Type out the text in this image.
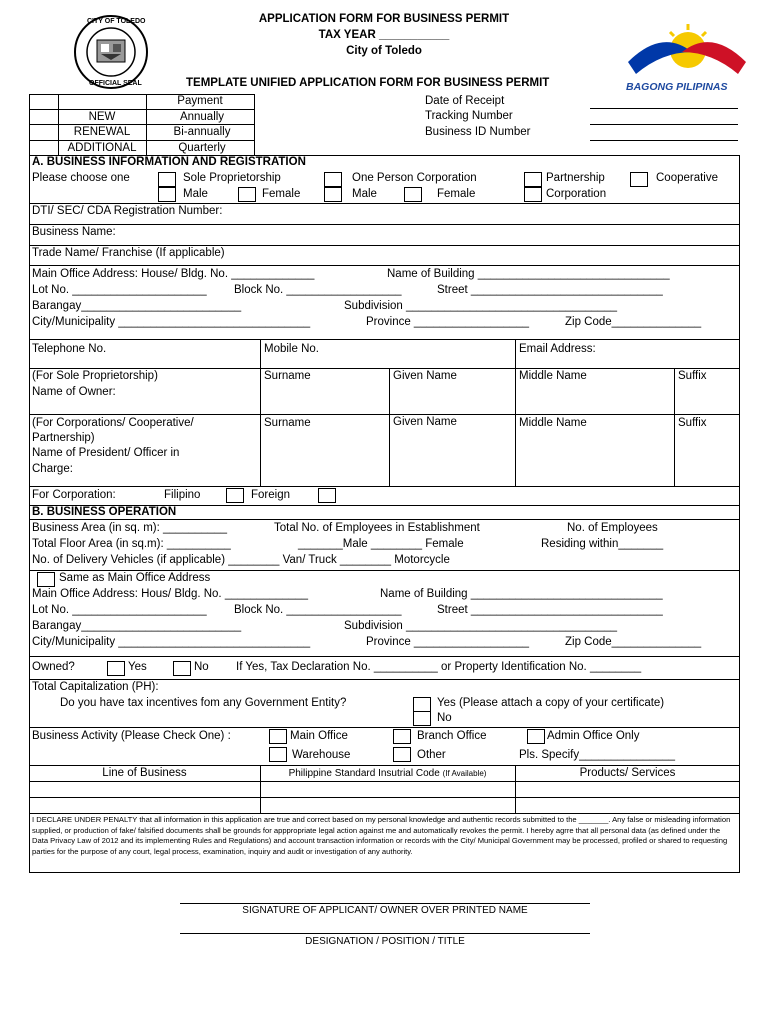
CITY OF TOLEDO
OFFICIAL SEAL
APPLICATION FORM FOR BUSINESS PERMIT
TAX YEAR ___________
City of Toledo
TEMPLATE UNIFIED APPLICATION FORM FOR BUSINESS PERMIT	BAGONG PILIPINAS
Payment
NEW	Annually
RENEWAL	Bi-annually
ADDITIONAL	Quarterly
Date of Receipt
Tracking Number
Business ID Number
A. BUSINESS INFORMATION AND REGISTRATION
Please choose one	Sole Proprietorship	One Person Corporation	Partnership	Cooperative
Male	Female	Male	Female	Corporation
DTI/ SEC/ CDA Registration Number:
Business Name:
Trade Name/ Franchise (If applicable)
Main Office Address: House/ Bldg. No. _____________	Name of Building ______________________________
Lot No. _____________________ Block No. __________________	Street ______________________________
Barangay_________________________	Subdivision _________________________________
City/Municipality ______________________________	Province __________________	Zip Code______________
Telephone No.	Mobile No.	Email Address:
(For Sole Proprietorship)
Name of Owner:
Surname	Given Name	Middle Name	Suffix
(For Corporations/ Cooperative/
Partnership)
Name of President/ Officer in
Charge:
Surname	Given Name	Middle Name	Suffix
For Corporation:	Filipino	Foreign
B. BUSINESS OPERATION
Business Area (in sq. m): __________	Total No. of Employees in Establishment	No. of Employees
Total Floor Area (in sq.m): __________	_______Male ________ Female	Residing within_______
No. of Delivery Vehicles (if applicable) ________ Van/ Truck ________ Motorcycle
Same as Main Office Address
Main Office Address: Hous/ Bldg. No. _____________	Name of Building ______________________________
Lot No. _____________________ Block No. __________________	Street ______________________________
Barangay_________________________	Subdivision _________________________________
City/Municipality ______________________________	Province __________________	Zip Code______________
Owned?	Yes	No If Yes, Tax Declaration No. __________ or Property Identification No. ________
Total Capitalization (PH):
Do you have tax incentives fom any Government Entity?	Yes (Please attach a copy of your certificate)
No
Business Activity (Please Check One) :	Main Office	Branch Office	Admin Office Only
Warehouse	Other	Pls. Specify_______________
Line of Business	Philippine Standard Insutrial Code (If Available)	Products/ Services
I DECLARE UNDER PENALTY that all information in this application are true and correct based on my personal knowledge and authentic records submitted to the _______. Any false or misleading information supplied, or production of fake/ falsified documents shall be grounds for apppropriate legal action against me and automatically revokes the permit. I hereby agrre that all personal data (as defined under the Data Privacy Law of 2012 and its implementing Rules and Regulations) and account transaction information or records with the City/ Municipal Government may be processed, profiled or shared to requesting parties for the purpose of any court, legal process, examination, inquiry and audit or investigation of any authority.
SIGNATURE OF APPLICANT/ OWNER OVER PRINTED NAME
DESIGNATION / POSITION / TITLE
